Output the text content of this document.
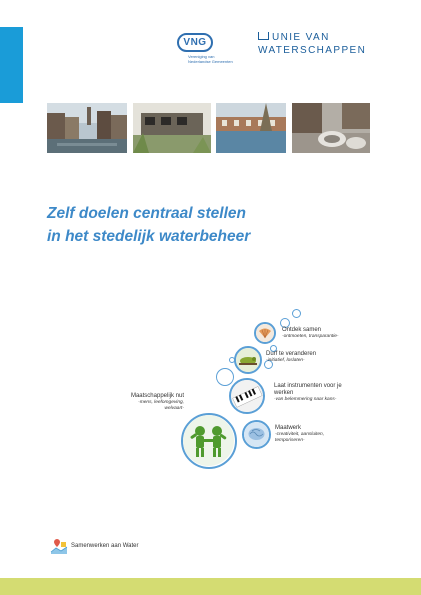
VNG
Vereniging van
Nederlandse Gemeenten
UNIE VAN
WATERSCHAPPEN
Zelf doelen centraal stellen
in het stedelijk waterbeheer
Ontdek samen
-ontmoeten, transparantie-
Durf te veranderen
-initiatief, loslaten-
Laat instrumenten voor je
werken
-van belemmering naar kans-
Maatwerk
-creativiteit, aansluiten,
temporiseren-
Maatschappelijk nut
-mens, leefomgeving, welvaart-
Samenwerken aan Water
